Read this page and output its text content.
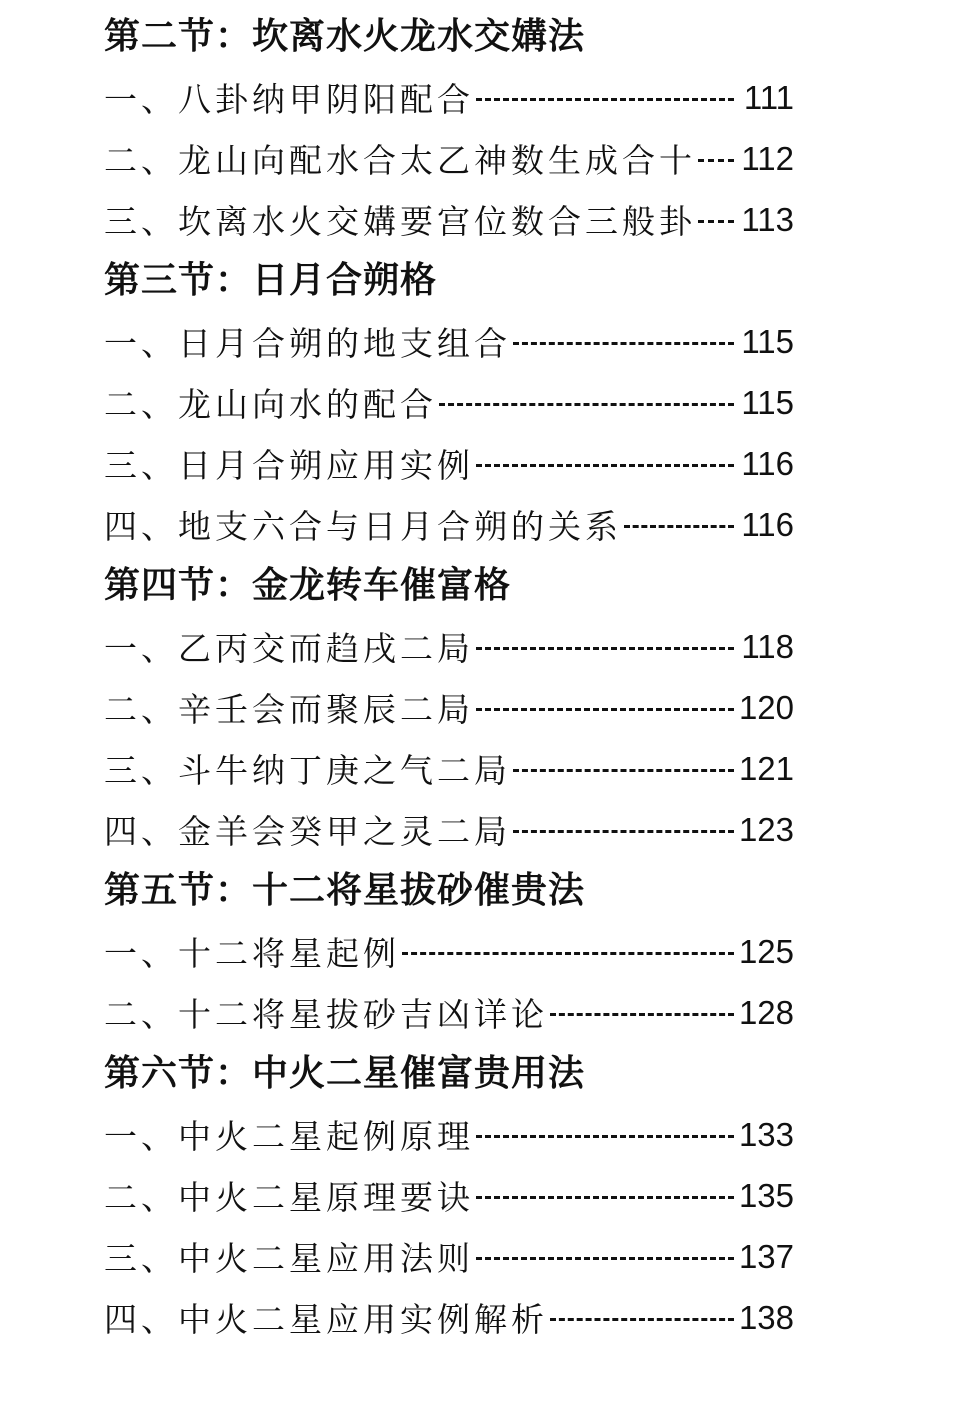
第二节：坎离水火龙水交媾法
一、八卦纳甲阴阳配合	111
二、龙山向配水合太乙神数生成合十 112
三、坎离水火交媾要宫位数合三般卦 113
第三节：日月合朔格
一、日月合朔的地支组合	115
二、龙山向水的配合	115
三、日月合朔应用实例	116
四、地支六合与日月合朔的关系	116
第四节：金龙转车催富格
一、乙丙交而趋戌二局	118
二、辛壬会而聚辰二局	120
三、斗牛纳丁庚之气二局	121
四、金羊会癸甲之灵二局	123
第五节：十二将星拔砂催贵法
一、十二将星起例	125
二、十二将星拔砂吉凶详论	128
第六节：中火二星催富贵用法
一、中火二星起例原理	133
二、中火二星原理要诀	135
三、中火二星应用法则	137
四、中火二星应用实例解析	138
